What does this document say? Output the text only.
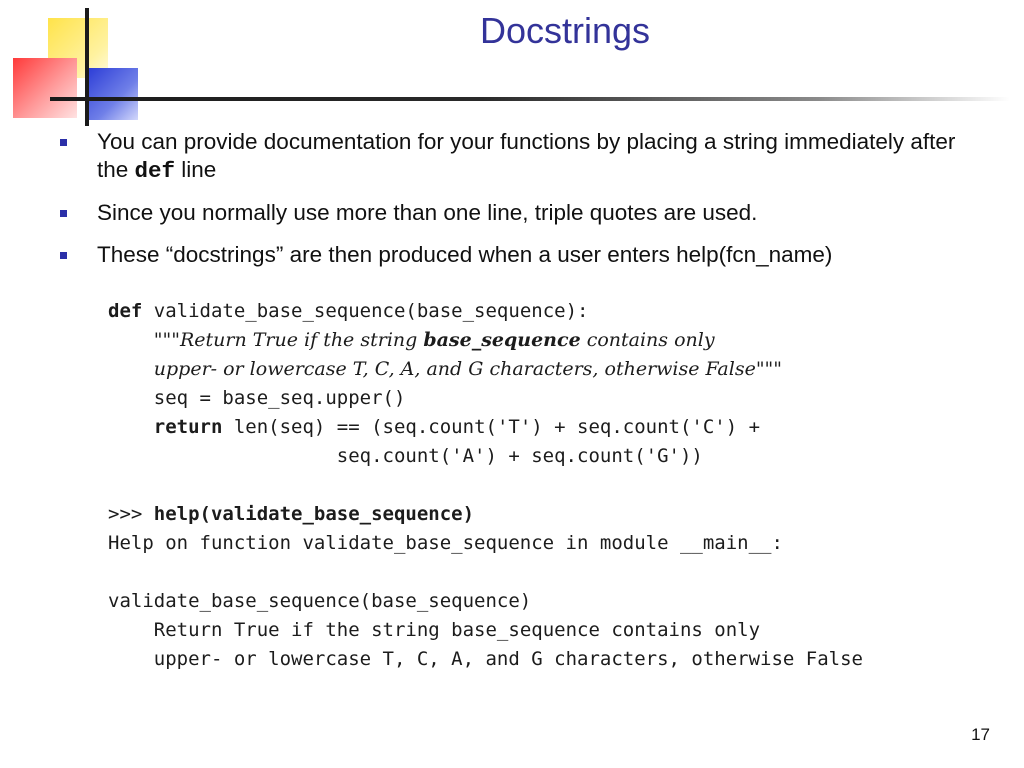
Docstrings
You can provide documentation for your functions by placing a string immediately after the def line
Since you normally use more than one line, triple quotes are used.
These “docstrings” are then produced when a user enters help(fcn_name)
def validate_base_sequence(base_sequence):
"""Return True if the string base_sequence contains only
upper- or lowercase T, C, A, and G characters, otherwise False"""
seq = base_seq.upper()
return len(seq) == (seq.count('T') + seq.count('C') +
seq.count('A') + seq.count('G'))
>>> help(validate_base_sequence)
Help on function validate_base_sequence in module __main__:
validate_base_sequence(base_sequence)
Return True if the string base_sequence contains only
upper- or lowercase T, C, A, and G characters, otherwise False
17
